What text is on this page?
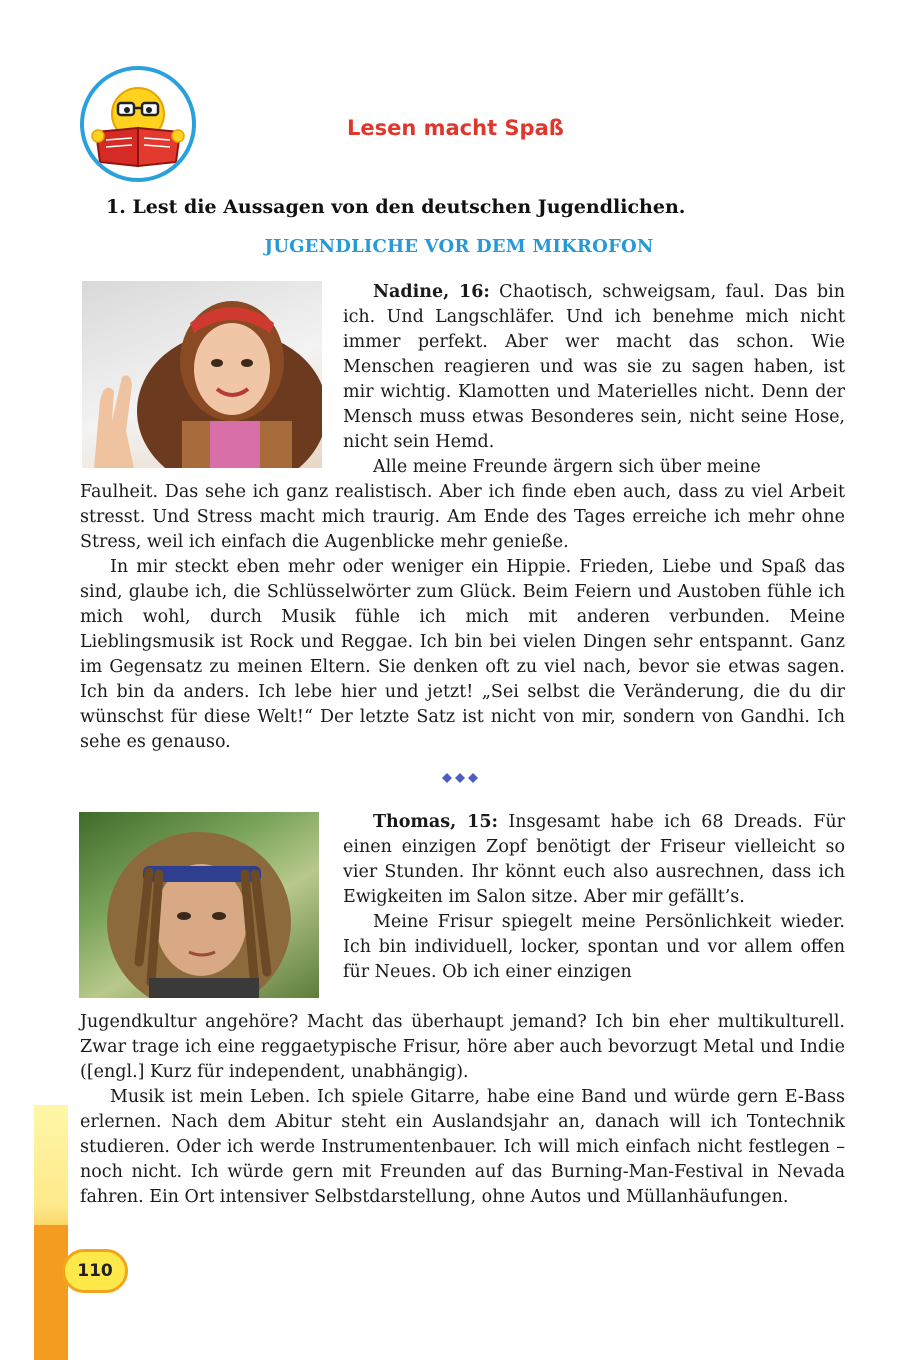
Lesen macht Spaß
1. Lest die Aussagen von den deutschen Jugendlichen.
JUGENDLICHE VOR DEM MIKROFON
Nadine, 16: Chaotisch, schweigsam, faul. Das bin ich. Und Langschläfer. Und ich benehme mich nicht immer perfekt. Aber wer macht das schon. Wie Menschen reagieren und was sie zu sagen haben, ist mir wichtig. Klamotten und Materielles nicht. Denn der Mensch muss etwas Besonderes sein, nicht seine Hose, nicht sein Hemd.
Alle meine Freunde ärgern sich über meine
Faulheit. Das sehe ich ganz realistisch. Aber ich finde eben auch, dass zu viel Arbeit stresst. Und Stress macht mich traurig. Am Ende des Tages erreiche ich mehr ohne Stress, weil ich einfach die Augenblicke mehr genieße.
In mir steckt eben mehr oder weniger ein Hippie. Frieden, Liebe und Spaß das sind, glaube ich, die Schlüsselwörter zum Glück. Beim Feiern und Austoben fühle ich mich wohl, durch Musik fühle ich mich mit anderen verbunden. Meine Lieblingsmusik ist Rock und Reggae. Ich bin bei vielen Dingen sehr entspannt. Ganz im Gegensatz zu meinen Eltern. Sie denken oft zu viel nach, bevor sie etwas sagen. Ich bin da anders. Ich lebe hier und jetzt! „Sei selbst die Veränderung, die du dir wünschst für diese Welt!“ Der letzte Satz ist nicht von mir, sondern von Gandhi. Ich sehe es genauso.
Thomas, 15: Insgesamt habe ich 68 Dreads. Für einen einzigen Zopf benötigt der Friseur vielleicht so vier Stunden. Ihr könnt euch also ausrechnen, dass ich Ewigkeiten im Salon sitze. Aber mir gefällt’s.
Meine Frisur spiegelt meine Persönlichkeit wieder. Ich bin individuell, locker, spontan und vor allem offen für Neues. Ob ich einer einzigen
Jugendkultur angehöre? Macht das überhaupt jemand? Ich bin eher multikulturell. Zwar trage ich eine reggaetypische Frisur, höre aber auch bevorzugt Metal und Indie ([engl.] Kurz für independent, unabhängig).
Musik ist mein Leben. Ich spiele Gitarre, habe eine Band und würde gern E-Bass erlernen. Nach dem Abitur steht ein Auslandsjahr an, danach will ich Tontechnik studieren. Oder ich werde Instrumentenbauer. Ich will mich einfach nicht festlegen – noch nicht. Ich würde gern mit Freunden auf das Burning-Man-Festival in Nevada fahren. Ein Ort intensiver Selbstdarstellung, ohne Autos und Müllanhäufungen.
110
